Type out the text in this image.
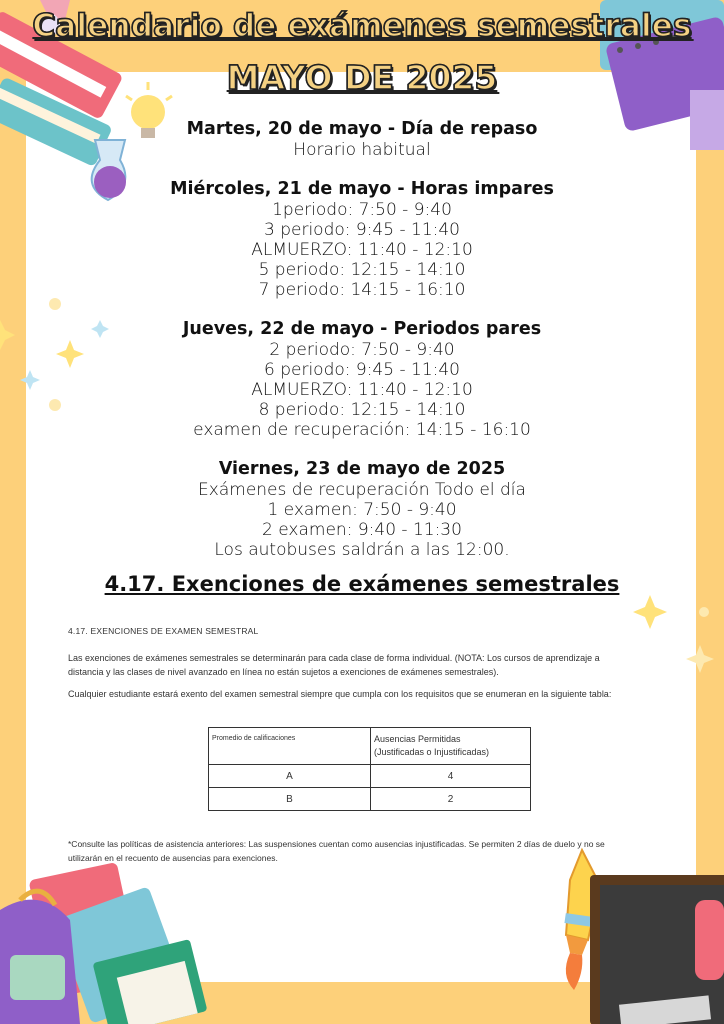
Calendario de exámenes semestrales
MAYO DE 2025
Martes, 20 de mayo - Día de repaso
Horario habitual
Miércoles, 21 de mayo - Horas impares
1periodo: 7:50 - 9:40
3 periodo: 9:45 - 11:40
ALMUERZO: 11:40 - 12:10
5 periodo: 12:15 - 14:10
7 periodo: 14:15 - 16:10
Jueves, 22 de mayo - Periodos pares
2 periodo: 7:50 - 9:40
6 periodo: 9:45 - 11:40
ALMUERZO: 11:40 - 12:10
8 periodo: 12:15 - 14:10
examen de recuperación: 14:15 - 16:10
Viernes, 23 de mayo de 2025
Exámenes de recuperación Todo el día
1 examen: 7:50 - 9:40
2 examen: 9:40 - 11:30
Los autobuses saldrán a las 12:00.
4.17. Exenciones de exámenes semestrales
4.17. EXENCIONES DE EXAMEN SEMESTRAL

Las exenciones de exámenes semestrales se determinarán para cada clase de forma individual. (NOTA: Los cursos de aprendizaje a distancia y las clases de nivel avanzado en línea no están sujetos a exenciones de exámenes semestrales).

Cualquier estudiante estará exento del examen semestral siempre que cumpla con los requisitos que se enumeran en la siguiente tabla:

Promedio de calificaciones	Ausencias Permitidas
(Justificadas o Injustificadas)

A	4
B	2

*Consulte las políticas de asistencia anteriores: Las suspensiones cuentan como ausencias injustificadas. Se permiten 2 días de duelo y no se utilizarán en el recuento de ausencias para exenciones.
